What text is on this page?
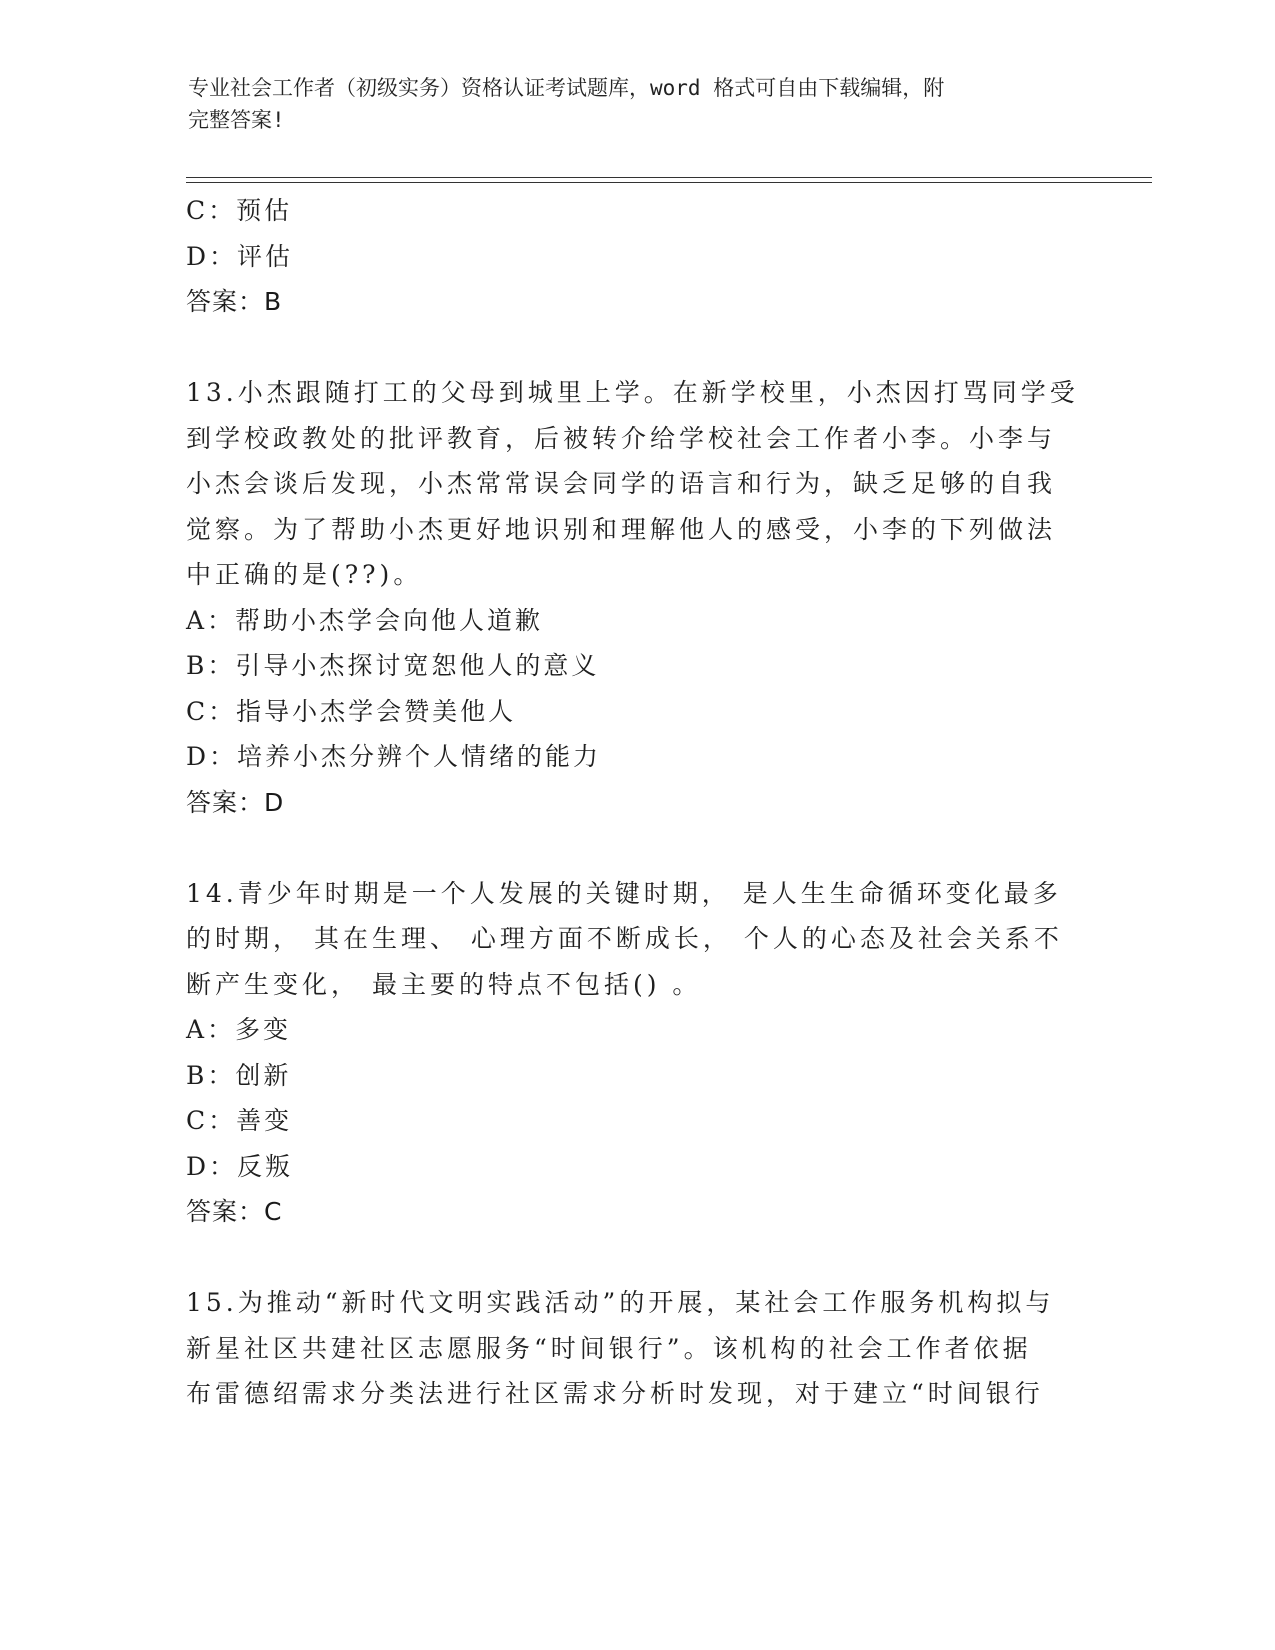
专业社会工作者（初级实务）资格认证考试题库，word 格式可自由下载编辑，附
完整答案!
C：预估
D：评估
答案：B
13.小杰跟随打工的父母到城里上学。在新学校里，小杰因打骂同学受
到学校政教处的批评教育，后被转介给学校社会工作者小李。小李与
小杰会谈后发现，小杰常常误会同学的语言和行为，缺乏足够的自我
觉察。为了帮助小杰更好地识别和理解他人的感受，小李的下列做法
中正确的是(??)。
A：帮助小杰学会向他人道歉
B：引导小杰探讨宽恕他人的意义
C：指导小杰学会赞美他人
D：培养小杰分辨个人情绪的能力
答案：D
14.青少年时期是一个人发展的关键时期， 是人生生命循环变化最多
的时期， 其在生理、 心理方面不断成长， 个人的心态及社会关系不
断产生变化， 最主要的特点不包括() 。
A：多变
B：创新
C：善变
D：反叛
答案：C
15.为推动“新时代文明实践活动”的开展，某社会工作服务机构拟与
新星社区共建社区志愿服务“时间银行”。该机构的社会工作者依据
布雷德绍需求分类法进行社区需求分析时发现，对于建立“时间银行
